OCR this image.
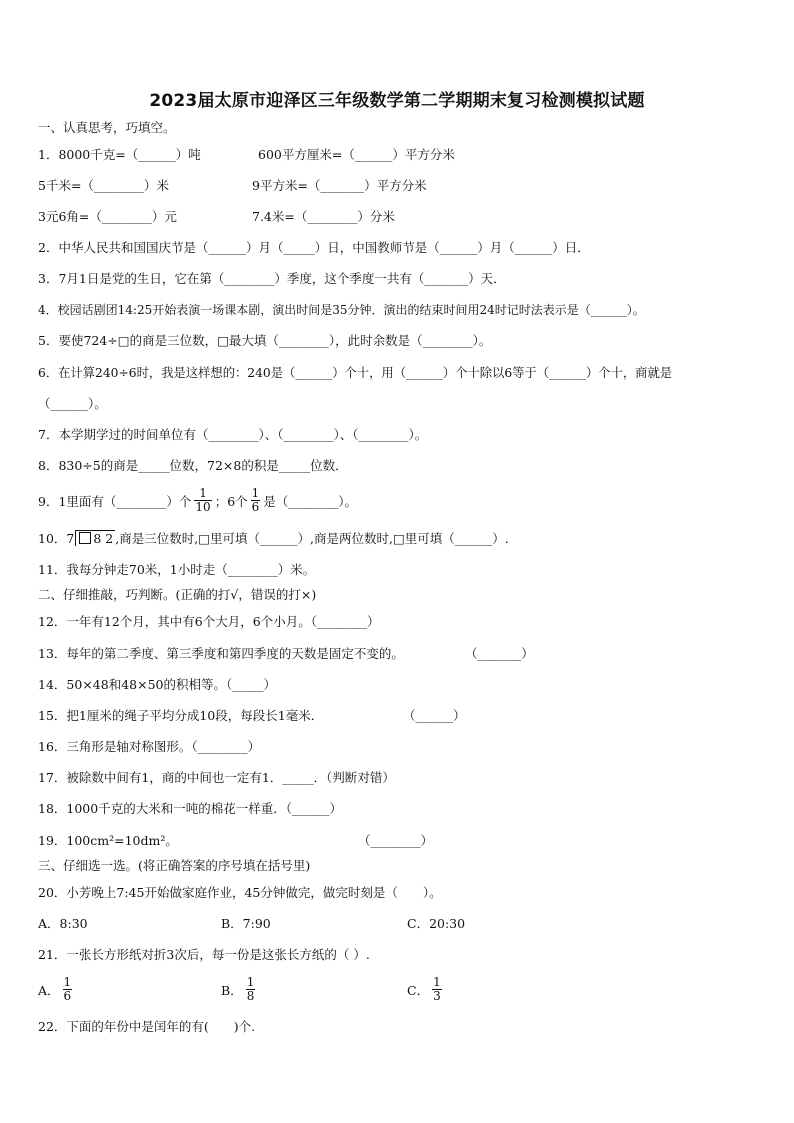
2023届太原市迎泽区三年级数学第二学期期末复习检测模拟试题
一、认真思考，巧填空。
1．8000千克=（______）吨	600平方厘米=（______）平方分米
5千米=（________）米	9平方米=（_______）平方分米
3元6角=（________）元	7.4米=（________）分米
2．中华人民共和国国庆节是（______）月（_____）日，中国教师节是（______）月（______）日．
3．7月1日是党的生日，它在第（________）季度，这个季度一共有（_______）天．
4．校园话剧团14:25开始表演一场课本剧，演出时间是35分钟．演出的结束时间用24时记时法表示是（______）。
5．要使724÷□的商是三位数，□最大填（________），此时余数是（________）。
6．在计算240÷6时，我是这样想的：240是（______）个十，用（______）个十除以6等于（______）个十，商就是
（______）。
7．本学期学过的时间单位有（________）、（________）、（________）。
8．830÷5的商是_____位数，72×8的积是_____位数．
9．1里面有（________）个 $\frac{1}{10}$ ；6个 $\frac{1}{6}$ 是（________）。
10．7 8 2 ,商是三位数时,□里可填（______）,商是两位数时,□里可填（______）.
11．我每分钟走70米，1小时走（________）米。
二、仔细推敲，巧判断。(正确的打√，错误的打×)
12．一年有12个月，其中有6个大月，6个小月。（________）
13．每年的第二季度、第三季度和第四季度的天数是固定不变的。	（_______）
14．50×48和48×50的积相等。（_____）
15．把1厘米的绳子平均分成10段，每段长1毫米．	（______）
16．三角形是轴对称图形。（________）
17．被除数中间有1，商的中间也一定有1．_____．（判断对错）
18．1000千克的大米和一吨的棉花一样重．（______）
19．100cm²=10dm²。	（________）
三、仔细选一选。(将正确答案的序号填在括号里)
20．小芳晚上7:45开始做家庭作业，45分钟做完，做完时刻是（　　）。
A．8:30	B．7:90	C．20:30
21．一张长方形纸对折3次后，每一份是这张长方纸的（ ）.
A． $\frac{1}{6}$	B． $\frac{1}{8}$	C． $\frac{1}{3}$
22．下面的年份中是闰年的有(　　)个.
